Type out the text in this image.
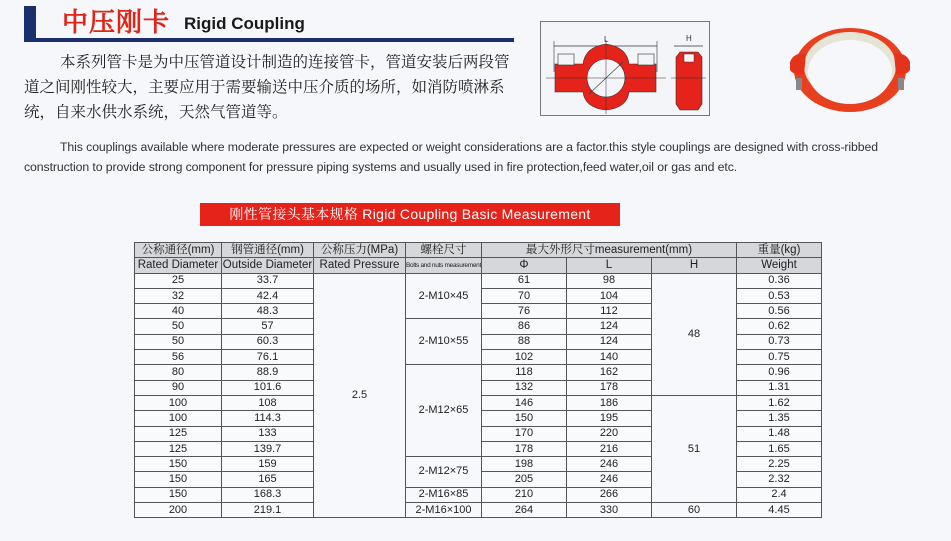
中压刚卡 Rigid Coupling
本系列管卡是为中压管道设计制造的连接管卡，管道安装后两段管道之间刚性较大，主要应用于需要输送中压介质的场所，如消防喷淋系统，自来水供水系统，天然气管道等。
This couplings available where moderate pressures are expected or weight considerations are a factor.this style couplings are designed with cross-ribbed construction to provide strong component for pressure piping systems and usually used in fire protection,feed water,oil or gas and etc.
L	H
刚性管接头基本规格 Rigid Coupling Basic Measurement
公称通径(mm)	钢管通径(mm)	公称压力(MPa)	螺栓尺寸	最大外形尺寸measurement(mm)			重量(kg)
Rated Diameter	Outside Diameter	Rated Pressure	Bolts and nuts measurement	Φ	L	H	Weight
25	33.7	2.5	2-M10×45	61	98	48	0.36
32	42.4			70	104		0.53
40	48.3			76	112		0.56
50	57		2-M10×55	86	124		0.62
50	60.3			88	124		0.73
56	76.1			102	140		0.75
80	88.9		2-M12×65	118	162		0.96
90	101.6			132	178		1.31
100	108			146	186	51	1.62
100	114.3			150	195		1.35
125	133			170	220		1.48
125	139.7			178	216		1.65
150	159		2-M12×75	198	246		2.25
150	165			205	246		2.32
150	168.3		2-M16×85	210	266		2.4
200	219.1		2-M16×100	264	330	60	4.45
